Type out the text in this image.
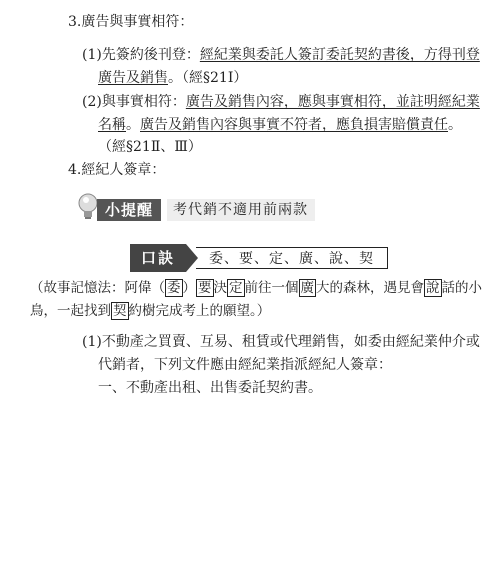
3.廣告與事實相符：
(1)先簽約後刊登：經紀業與委託人簽訂委託契約書後，方得刊登
廣告及銷售。（經§21Ⅰ）
(2)與事實相符：廣告及銷售內容，應與事實相符，並註明經紀業
名稱。廣告及銷售內容與事實不符者，應負損害賠償責任。
（經§21Ⅱ、Ⅲ）
4.經紀人簽章：
小提醒	考代銷不適用前兩款
口訣	委、要、定、廣、說、契
（故事記憶法：阿偉（ 委 ） 要 決 定 前往一個 廣 大的森林，遇見會 說 話的小
鳥，一起找到 契 約樹完成考上的願望。）
(1)不動產之買賣、互易、租賃或代理銷售，如委由經紀業仲介或
代銷者，下列文件應由經紀業指派經紀人簽章：
一、不動產出租、出售委託契約書。
